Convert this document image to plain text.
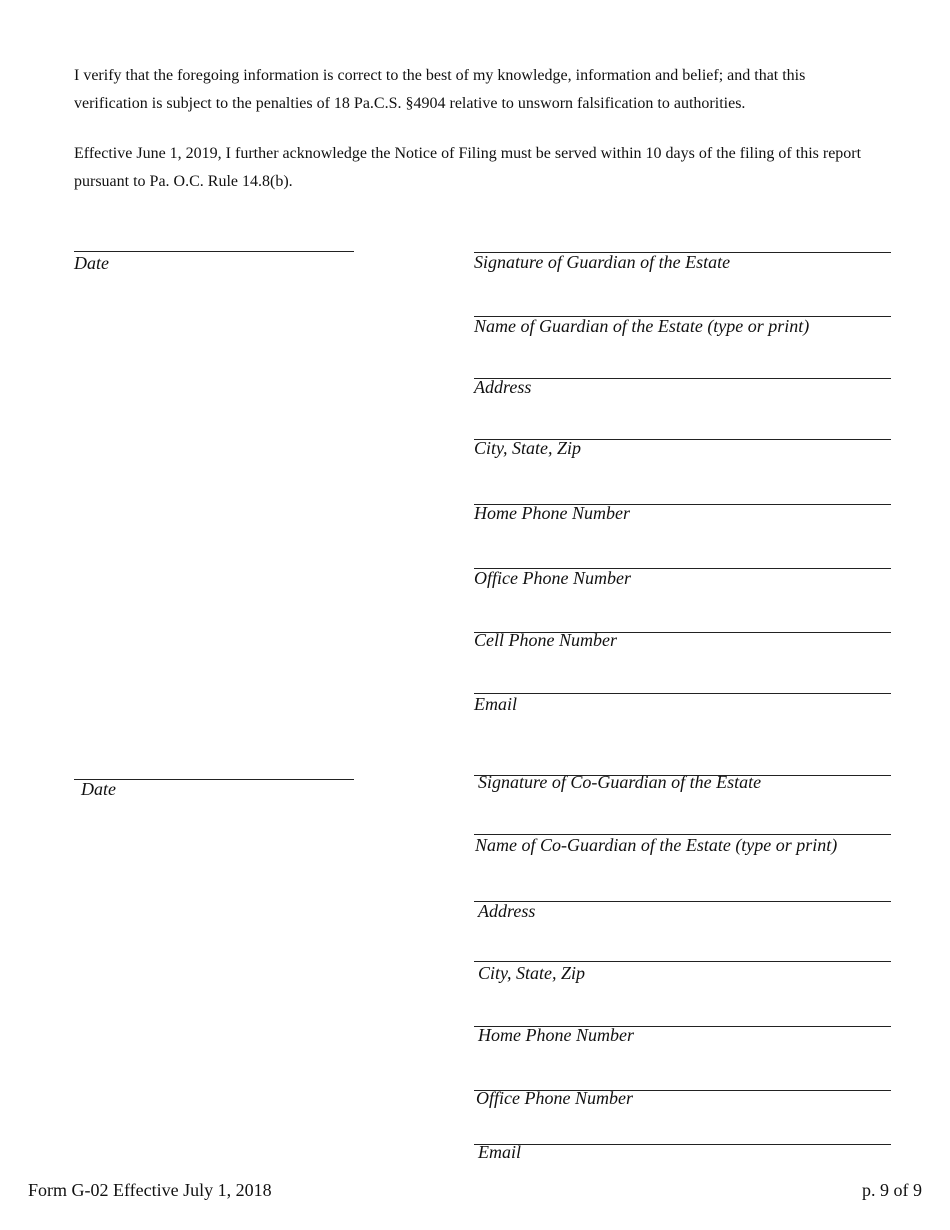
I verify that the foregoing information is correct to the best of my knowledge, information and belief; and that this verification is subject to the penalties of 18 Pa.C.S. §4904 relative to unsworn falsification to authorities.

Effective June 1, 2019, I further acknowledge the Notice of Filing must be served within 10 days of the filing of this report pursuant to Pa. O.C. Rule 14.8(b).

Date	Signature of Guardian of the Estate
Name of Guardian of the Estate (type or print)
Address
City, State, Zip
Home Phone Number
Office Phone Number
Cell Phone Number
Email
Date	Signature of Co-Guardian of the Estate
Name of Co-Guardian of the Estate (type or print)
Address
City, State, Zip
Home Phone Number
Office Phone Number
Email
Form G-02 Effective July 1, 2018	p. 9 of 9
